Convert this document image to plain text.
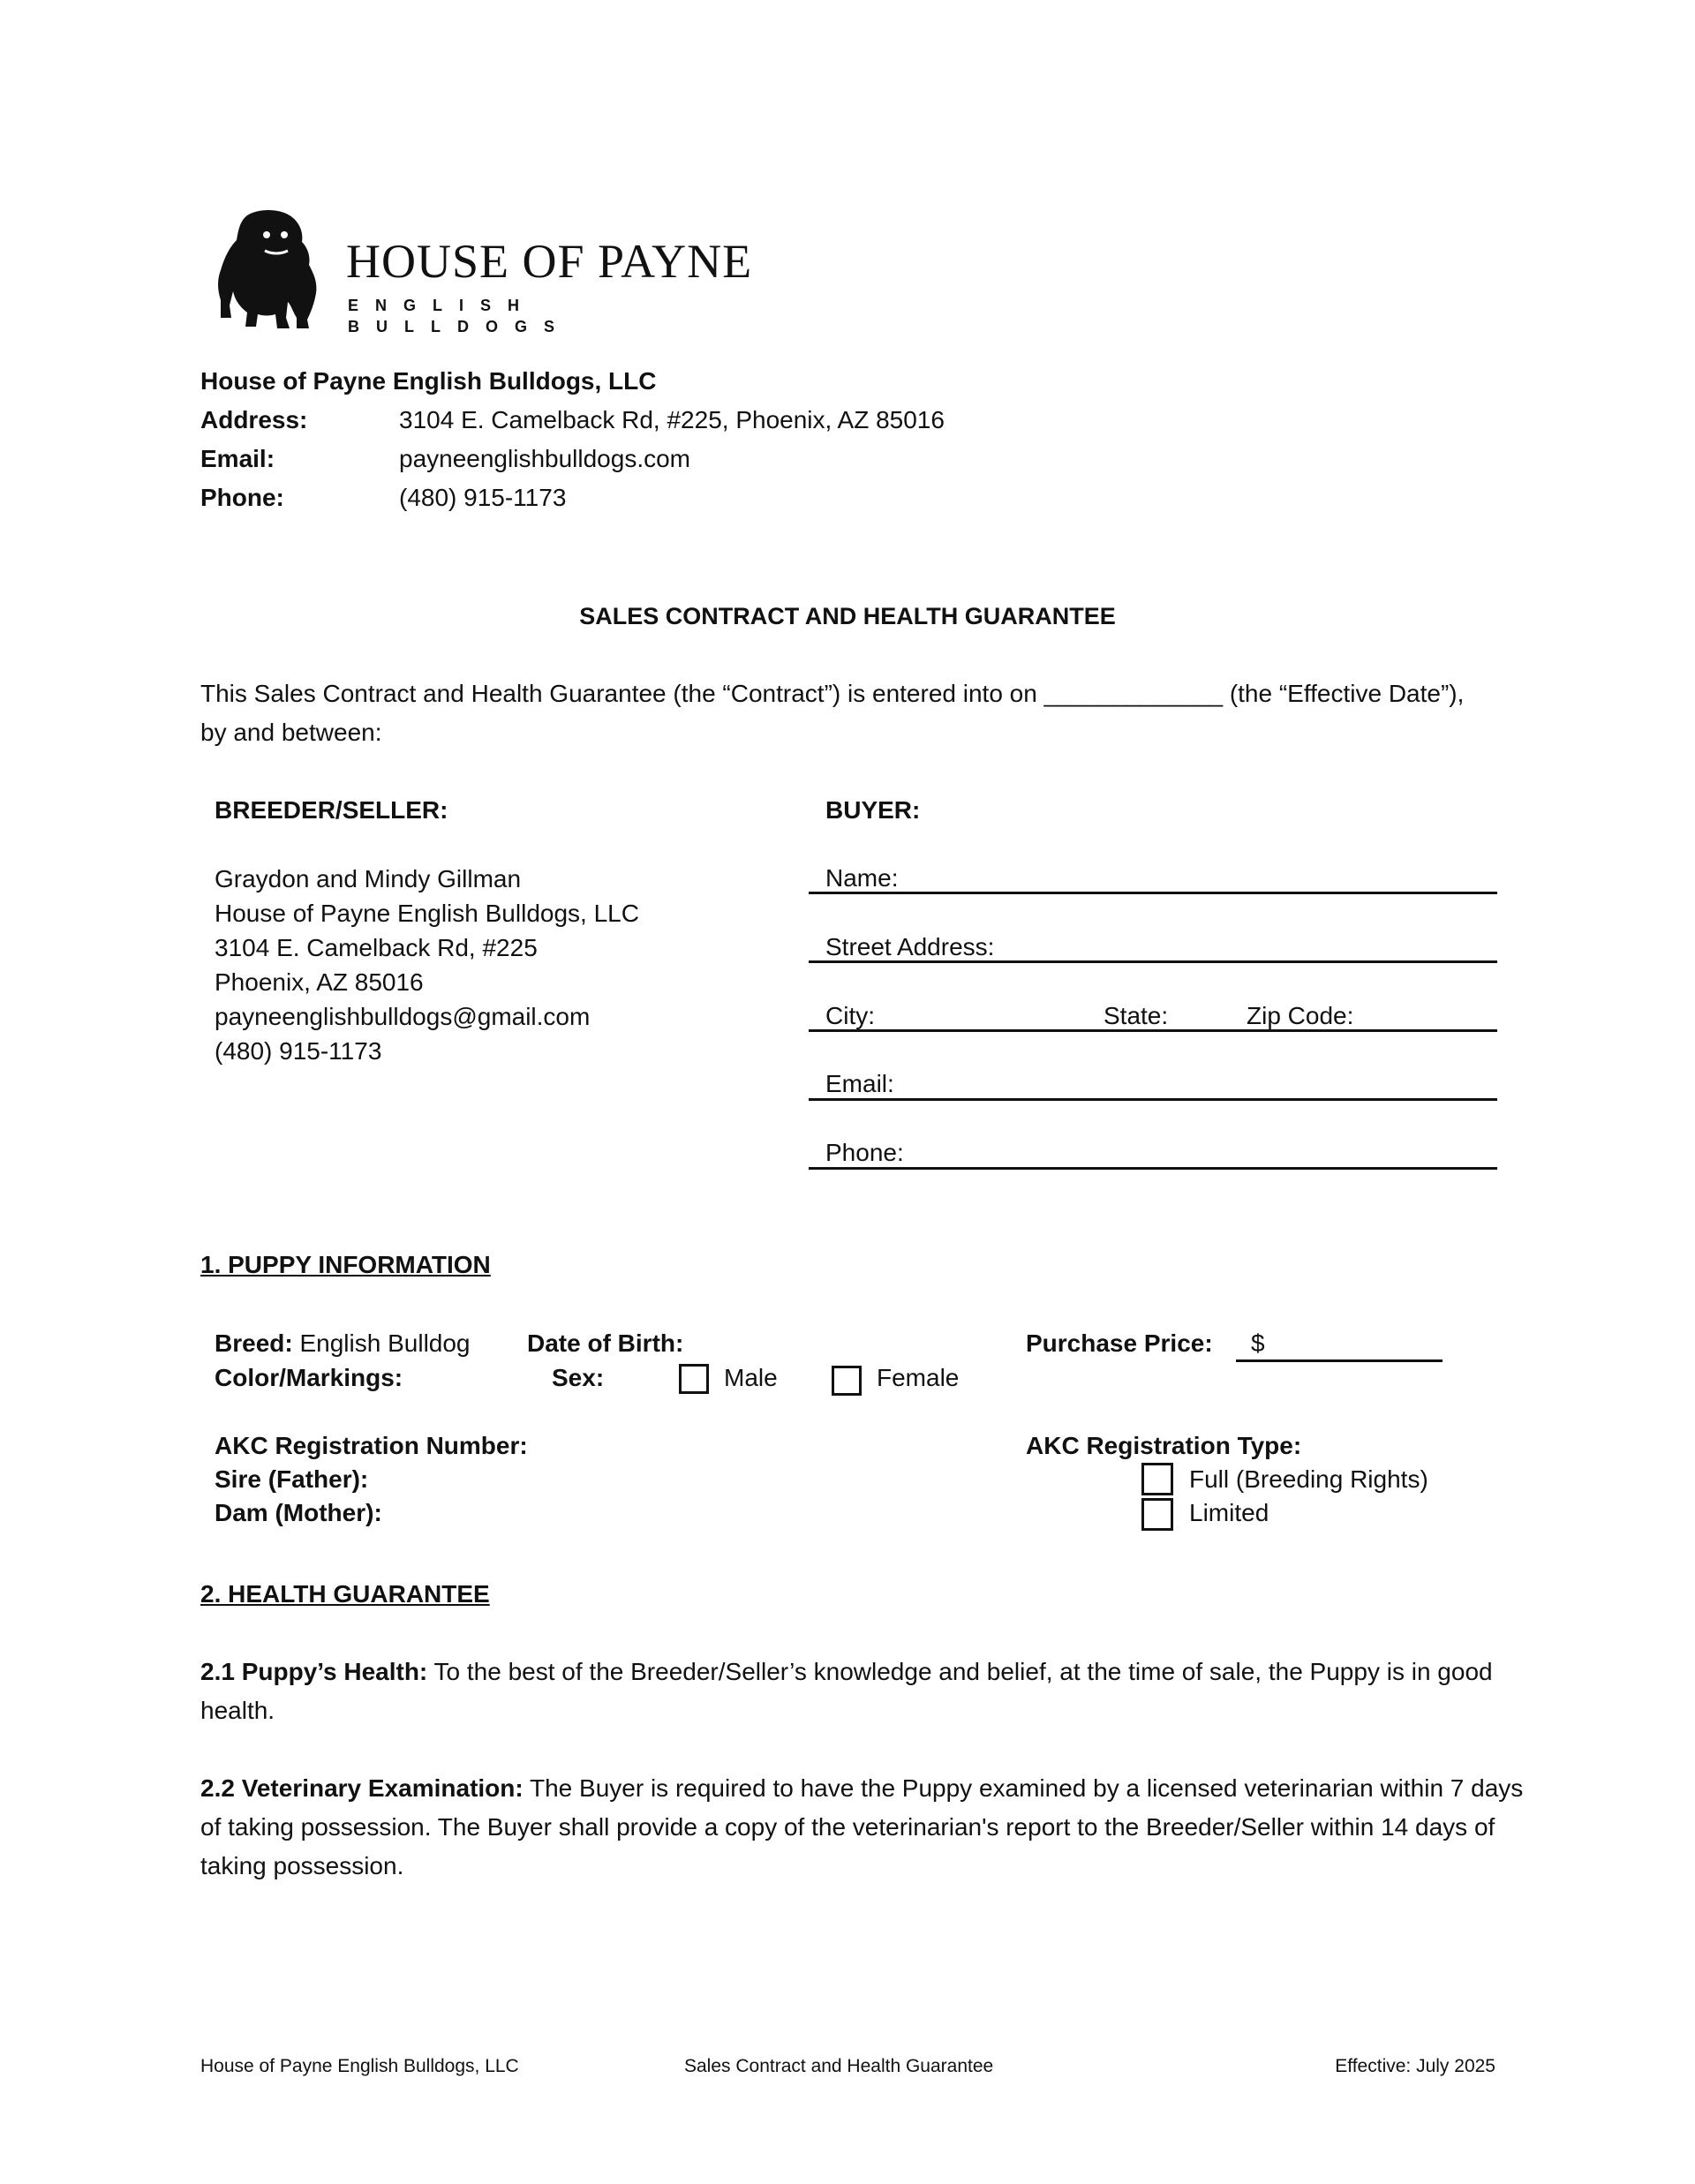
HOUSE OF PAYNE
ENGLISH BULLDOGS
House of Payne English Bulldogs, LLC
Address:	3104 E. Camelback Rd, #225, Phoenix, AZ 85016
Email:	payneenglishbulldogs.com
Phone:	(480) 915-1173
SALES CONTRACT AND HEALTH GUARANTEE
This Sales Contract and Health Guarantee (the “Contract”) is entered into on _____________ (the “Effective Date”),
by and between:
BREEDER/SELLER:
Graydon and Mindy Gillman
House of Payne English Bulldogs, LLC
3104 E. Camelback Rd, #225
Phoenix, AZ 85016
payneenglishbulldogs@gmail.com
(480) 915-1173
BUYER:
Name:
Street Address:
City:	State:	Zip Code:
Email:
Phone:
1. PUPPY INFORMATION
Breed: English Bulldog Date of Birth:	Purchase Price: $
Color/Markings:	Sex:	Male	Female
AKC Registration Number:	AKC Registration Type:
Sire (Father):	Full (Breeding Rights)
Dam (Mother):	Limited
2. HEALTH GUARANTEE
2.1 Puppy’s Health: To the best of the Breeder/Seller’s knowledge and belief, at the time of sale, the Puppy is in good
health.
2.2 Veterinary Examination: The Buyer is required to have the Puppy examined by a licensed veterinarian within 7 days
of taking possession. The Buyer shall provide a copy of the veterinarian's report to the Breeder/Seller within 14 days of
taking possession.
House of Payne English Bulldogs, LLC	Sales Contract and Health Guarantee	Effective: July 2025
